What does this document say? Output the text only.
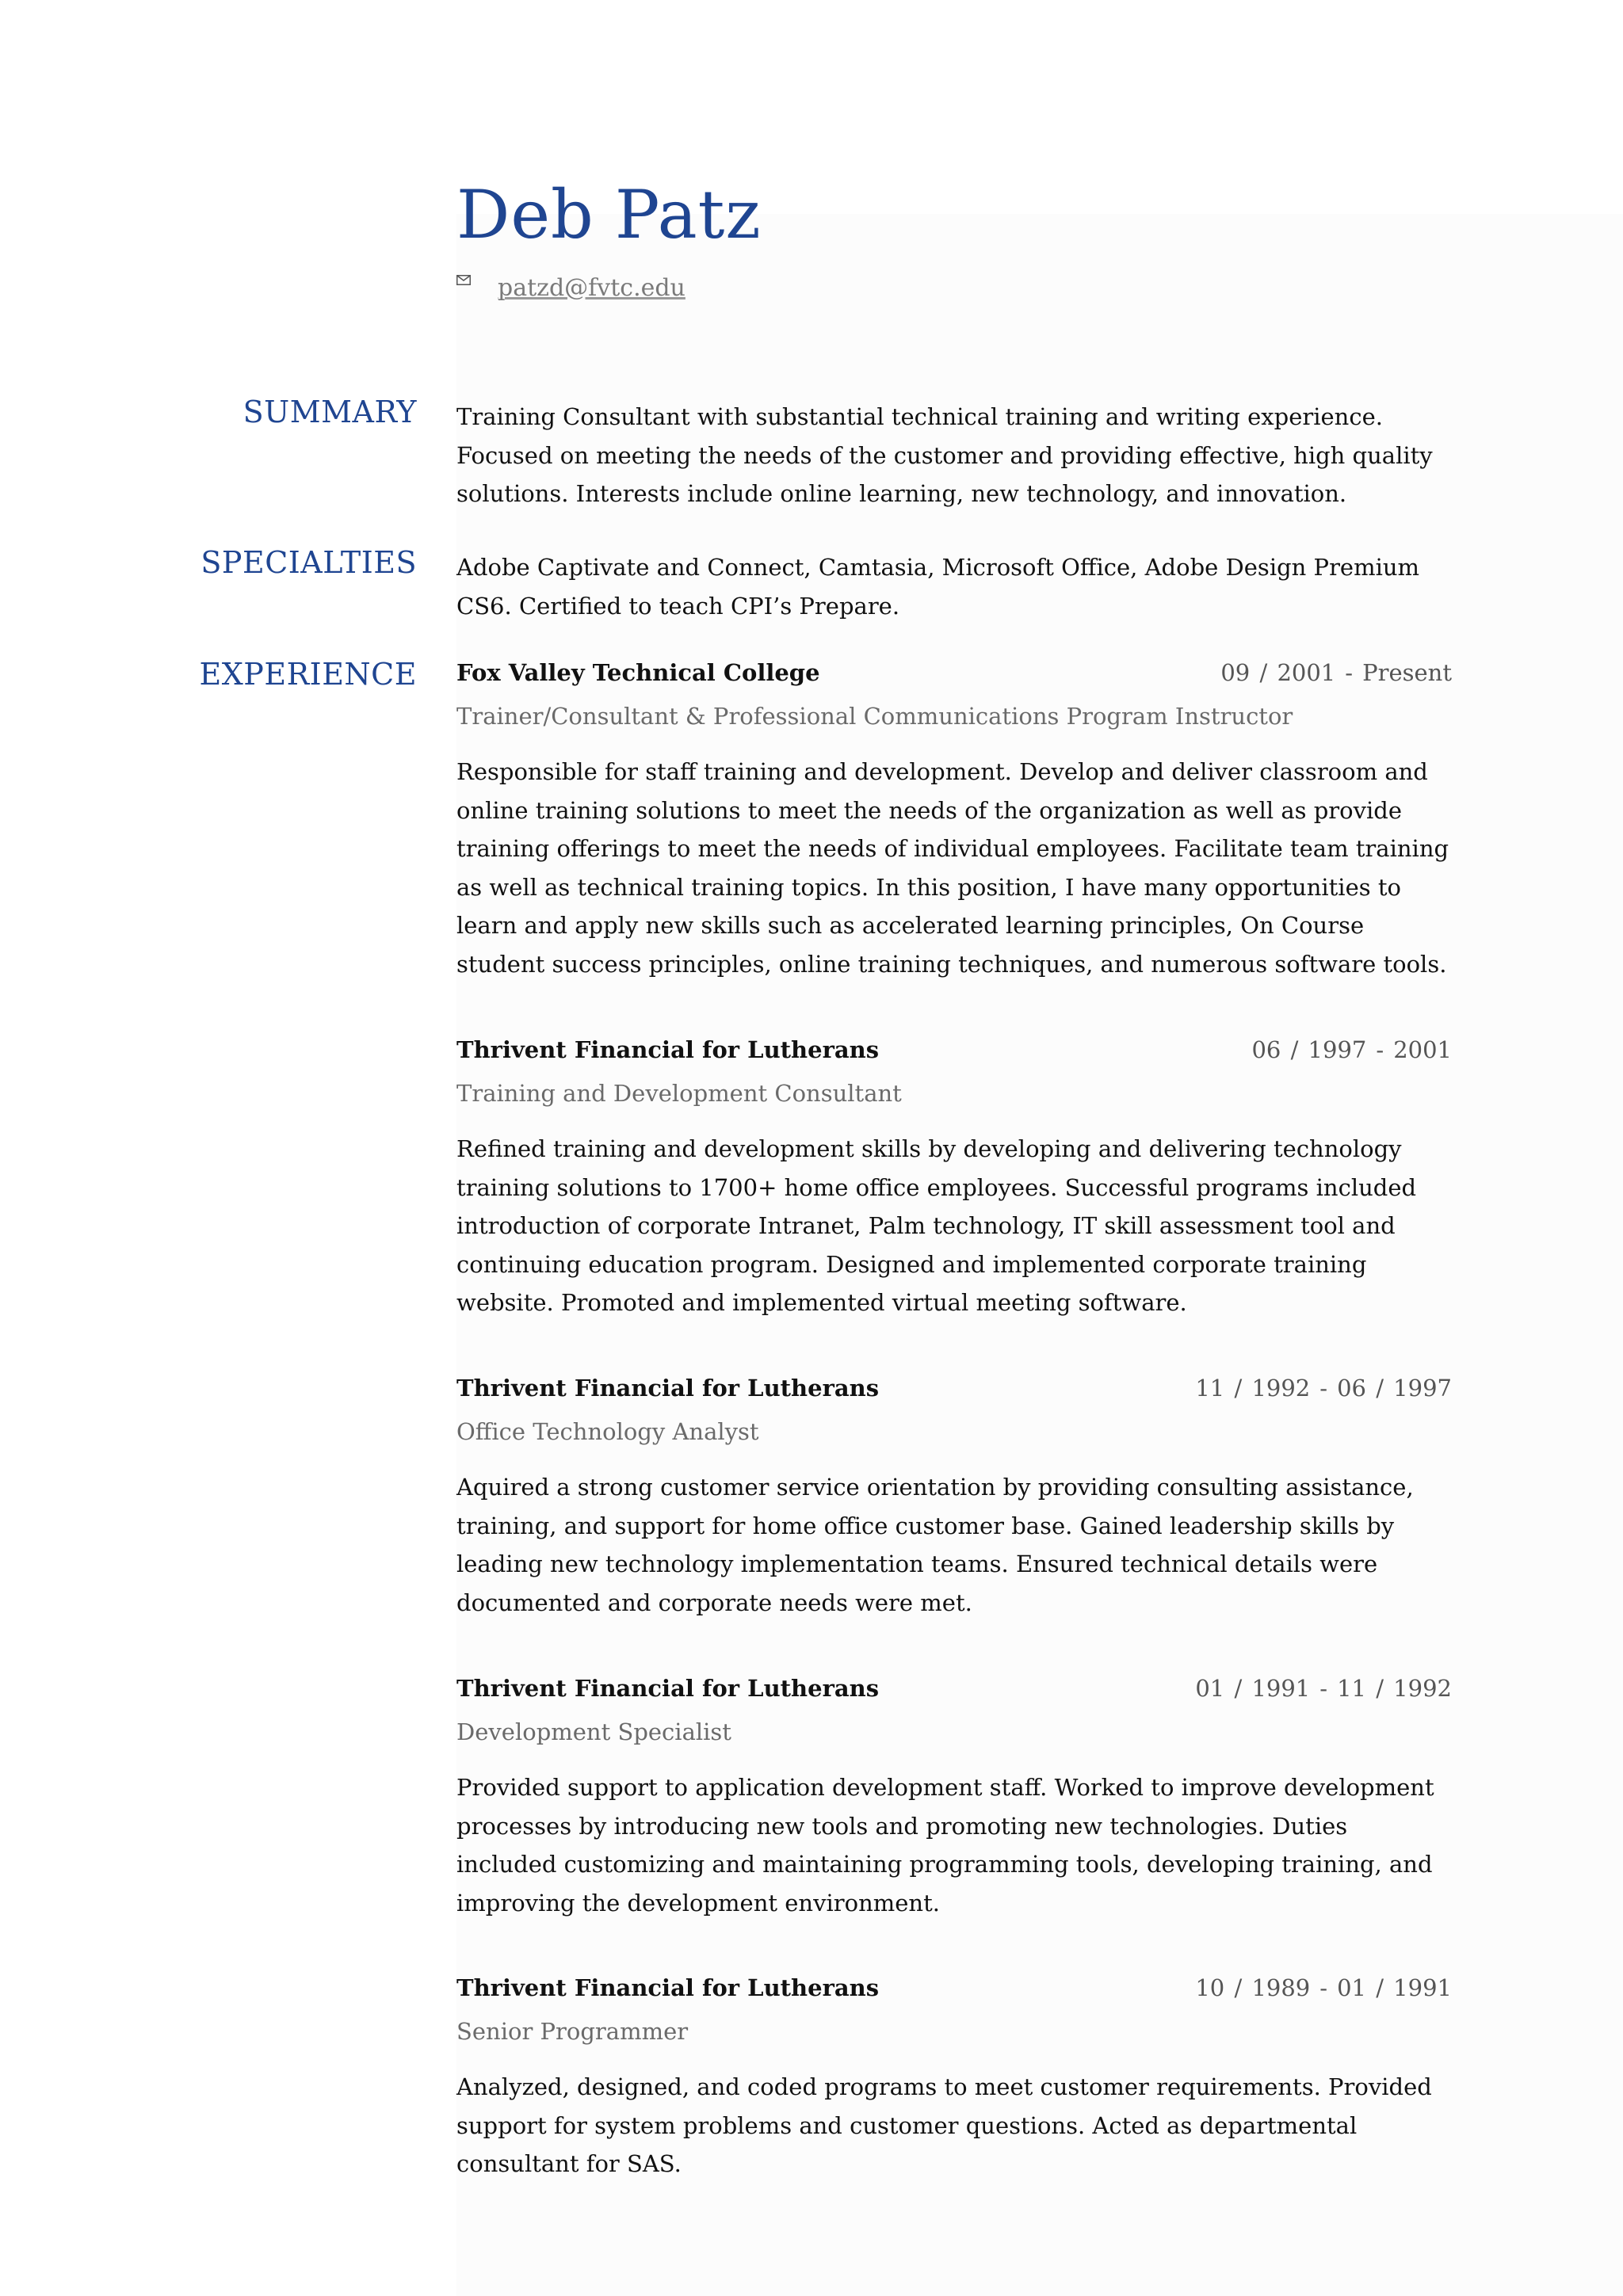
Deb Patz
patzd@fvtc.edu
SUMMARY Training Consultant with substantial technical training and writing experience. Focused on meeting the needs of the customer and providing effective, high quality solutions. Interests include online learning, new technology, and innovation.
SPECIALTIES Adobe Captivate and Connect, Camtasia, Microsoft Office, Adobe Design Premium CS6. Certified to teach CPI’s Prepare.
EXPERIENCE Fox Valley Technical College	09 / 2001 - Present
Trainer/Consultant & Professional Communications Program Instructor
Responsible for staff training and development. Develop and deliver classroom and online training solutions to meet the needs of the organization as well as provide training offerings to meet the needs of individual employees. Facilitate team training as well as technical training topics. In this position, I have many opportunities to learn and apply new skills such as accelerated learning principles, On Course student success principles, online training techniques, and numerous software tools.
Thrivent Financial for Lutherans	06 / 1997 - 2001
Training and Development Consultant
Refined training and development skills by developing and delivering technology training solutions to 1700+ home office employees. Successful programs included introduction of corporate Intranet, Palm technology, IT skill assessment tool and continuing education program. Designed and implemented corporate training website. Promoted and implemented virtual meeting software.
Thrivent Financial for Lutherans	11 / 1992 - 06 / 1997
Office Technology Analyst
Aquired a strong customer service orientation by providing consulting assistance, training, and support for home office customer base. Gained leadership skills by leading new technology implementation teams. Ensured technical details were documented and corporate needs were met.
Thrivent Financial for Lutherans	01 / 1991 - 11 / 1992
Development Specialist
Provided support to application development staff. Worked to improve development processes by introducing new tools and promoting new technologies. Duties included customizing and maintaining programming tools, developing training, and improving the development environment.
Thrivent Financial for Lutherans	10 / 1989 - 01 / 1991
Senior Programmer
Analyzed, designed, and coded programs to meet customer requirements. Provided support for system problems and customer questions. Acted as departmental consultant for SAS.
